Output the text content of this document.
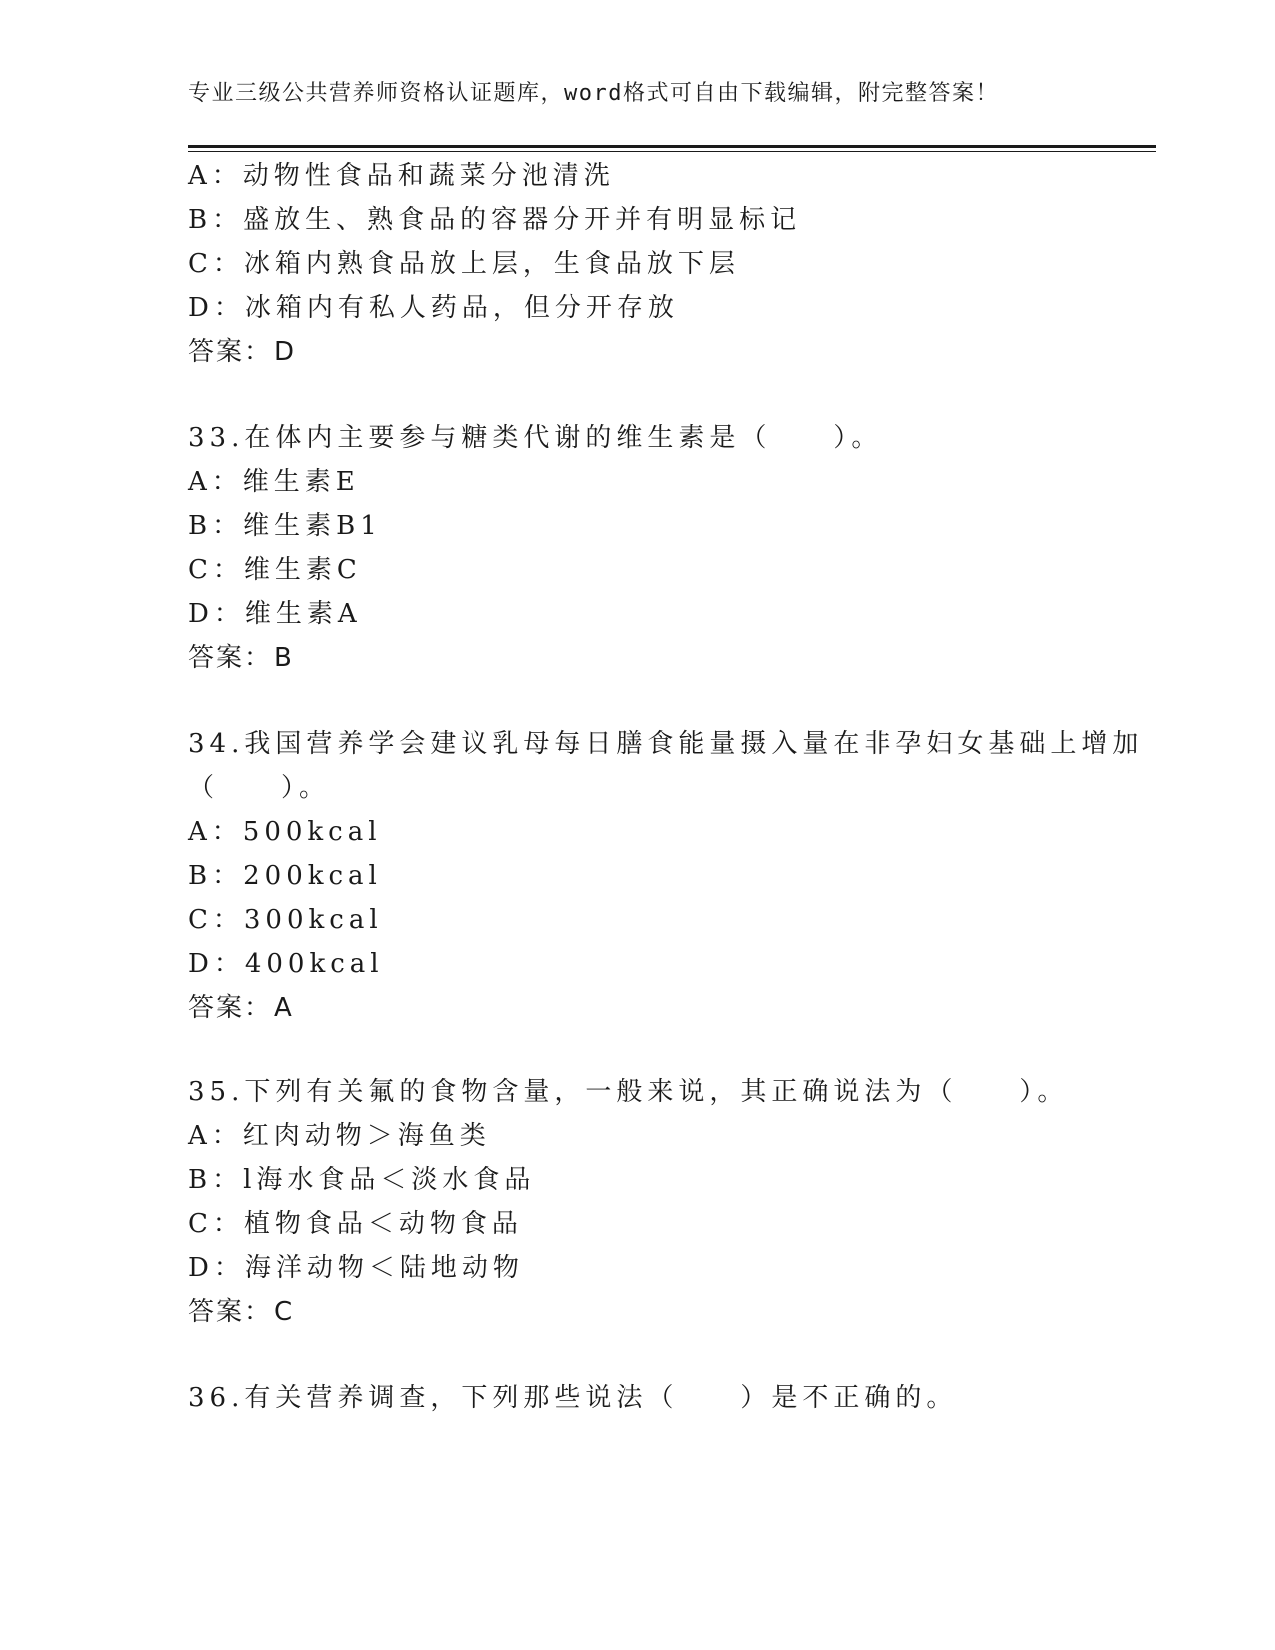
专业三级公共营养师资格认证题库，word格式可自由下载编辑，附完整答案！
A：动物性食品和蔬菜分池清洗
B：盛放生、熟食品的容器分开并有明显标记
C：冰箱内熟食品放上层，生食品放下层
D：冰箱内有私人药品，但分开存放
答案：D
33.在体内主要参与糖类代谢的维生素是（　　）。
A：维生素E
B：维生素B1
C：维生素C
D：维生素A
答案：B
34.我国营养学会建议乳母每日膳食能量摄入量在非孕妇女基础上增加
（　　）。
A：500kcal
B：200kcal
C：300kcal
D：400kcal
答案：A
35.下列有关氟的食物含量，一般来说，其正确说法为（　　）。
A：红肉动物＞海鱼类
B：l海水食品＜淡水食品
C：植物食品＜动物食品
D：海洋动物＜陆地动物
答案：C
36.有关营养调查，下列那些说法（　　）是不正确的。
